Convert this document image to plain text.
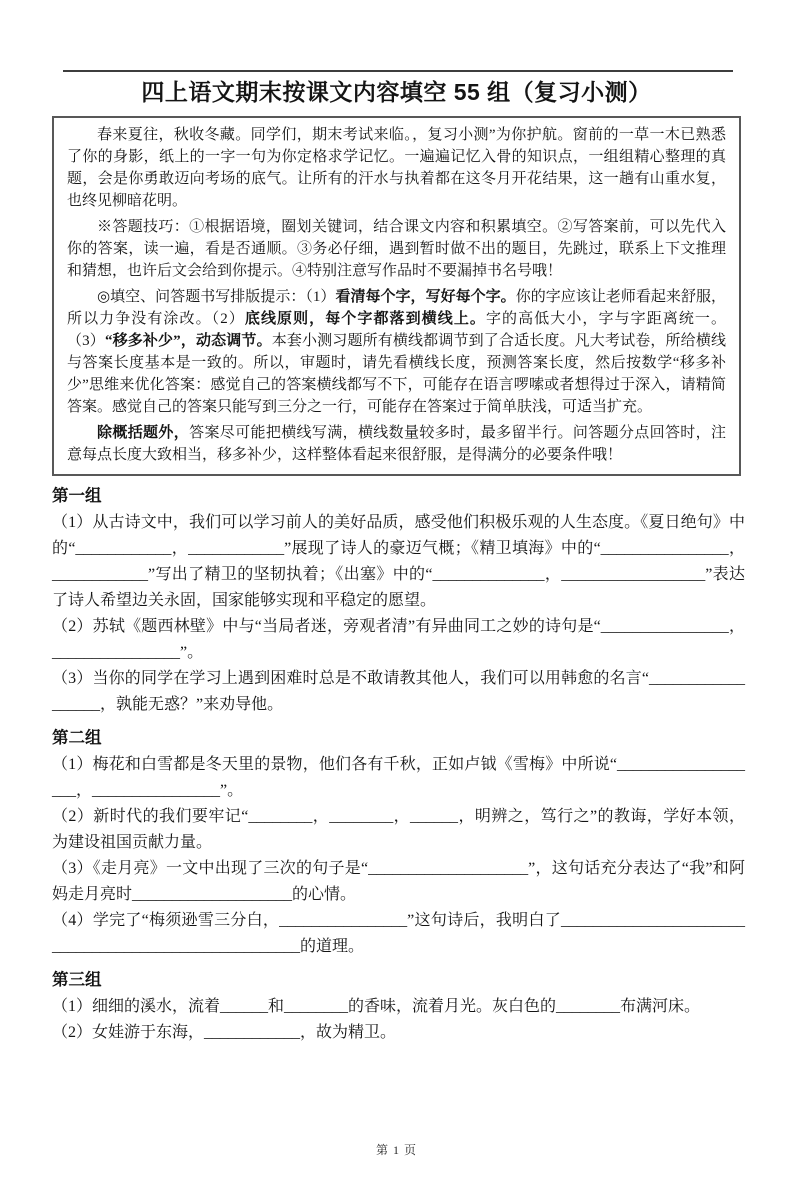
四上语文期末按课文内容填空 55 组（复习小测）

春来夏往，秋收冬藏。同学们，期末考试来临。，复习小测”为你护航。窗前的一草一木已熟悉了你的身影，纸上的一字一句为你定格求学记忆。一遍遍记忆入骨的知识点，一组组精心整理的真题，会是你勇敢迈向考场的底气。让所有的汗水与执着都在这冬月开花结果，这一趟有山重水复，也终见柳暗花明。

※答题技巧：①根据语境，圈划关键词，结合课文内容和积累填空。②写答案前，可以先代入你的答案，读一遍，看是否通顺。③务必仔细，遇到暂时做不出的题目，先跳过，联系上下文推理和猜想，也许后文会给到你提示。④特别注意写作品时不要漏掉书名号哦！

◎填空、问答题书写排版提示：（1）看清每个字，写好每个字。你的字应该让老师看起来舒服，所以力争没有涂改。（2）底线原则，每个字都落到横线上。字的高低大小，字与字距离统一。（3）“移多补少”，动态调节。本套小测习题所有横线都调节到了合适长度。凡大考试卷，所给横线与答案长度基本是一致的。所以，审题时，请先看横线长度，预测答案长度，然后按数学“移多补少”思维来优化答案：感觉自己的答案横线都写不下，可能存在语言啰嗦或者想得过于深入，请精简答案。感觉自己的答案只能写到三分之一行，可能存在答案过于简单肤浅，可适当扩充。

除概括题外，答案尽可能把横线写满，横线数量较多时，最多留半行。问答题分点回答时，注意每点长度大致相当，移多补少，这样整体看起来很舒服，是得满分的必要条件哦！

第一组

（1）从古诗文中，我们可以学习前人的美好品质，感受他们积极乐观的人生态度。《夏日绝句》中的“____________，____________”展现了诗人的豪迈气概；《精卫填海》中的“________________，____________”写出了精卫的坚韧执着；《出塞》中的“______________，__________________”表达了诗人希望边关永固，国家能够实现和平稳定的愿望。

（2）苏轼《题西林壁》中与“当局者迷，旁观者清”有异曲同工之妙的诗句是“________________，________________”。

（3）当你的同学在学习上遇到困难时总是不敢请教其他人，我们可以用韩愈的名言“__________________，孰能无惑？”来劝导他。

第二组

（1）梅花和白雪都是冬天里的景物，他们各有千秋，正如卢钺《雪梅》中所说“___________________，________________”。

（2）新时代的我们要牢记“________，________，______，明辨之，笃行之”的教诲，学好本领，为建设祖国贡献力量。

（3）《走月亮》一文中出现了三次的句子是“____________________”，这句话充分表达了“我”和阿妈走月亮时____________________的心情。

（4）学完了“梅须逊雪三分白，________________”这句诗后，我明白了______________________________________________________的道理。

第三组

（1）细细的溪水，流着______和________的香味，流着月光。灰白色的________布满河床。

（2）女娃游于东海，____________，故为精卫。

第 1 页
